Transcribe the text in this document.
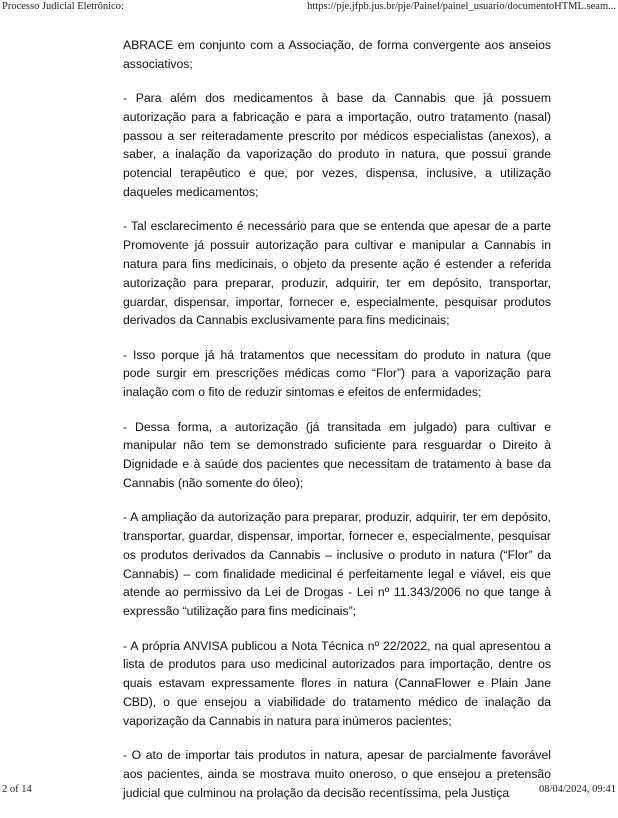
Processo Judicial Eletrônico:	https://pje.jfpb.jus.br/pje/Painel/painel_usuario/documentoHTML.seam...

ABRACE em conjunto com a Associação, de forma convergente aos anseios associativos;

- Para além dos medicamentos à base da Cannabis que já possuem autorização para a fabricação e para a importação, outro tratamento (nasal) passou a ser reiteradamente prescrito por médicos especialistas (anexos), a saber, a inalação da vaporização do produto in natura, que possui grande potencial terapêutico e que, por vezes, dispensa, inclusive, a utilização daqueles medicamentos;

- Tal esclarecimento é necessário para que se entenda que apesar de a parte Promovente já possuir autorização para cultivar e manipular a Cannabis in natura para fins medicinais, o objeto da presente ação é estender a referida autorização para preparar, produzir, adquirir, ter em depósito, transportar, guardar, dispensar, importar, fornecer e, especialmente, pesquisar produtos derivados da Cannabis exclusivamente para fins medicinais;

- Isso porque já há tratamentos que necessitam do produto in natura (que pode surgir em prescrições médicas como “Flor”) para a vaporização para inalação com o fito de reduzir sintomas e efeitos de enfermidades;

- Dessa forma, a autorização (já transitada em julgado) para cultivar e manipular não tem se demonstrado suficiente para resguardar o Direito à Dignidade e à saúde dos pacientes que necessitam de tratamento à base da Cannabis (não somente do óleo);

- A ampliação da autorização para preparar, produzir, adquirir, ter em depósito, transportar, guardar, dispensar, importar, fornecer e, especialmente, pesquisar os produtos derivados da Cannabis – inclusive o produto in natura (“Flor” da Cannabis) – com finalidade medicinal é perfeitamente legal e viável, eis que atende ao permissivo da Lei de Drogas - Lei nº 11.343/2006 no que tange à expressão “utilização para fins medicinais”;

- A própria ANVISA publicou a Nota Técnica nº 22/2022, na qual apresentou a lista de produtos para uso medicinal autorizados para importação, dentre os quais estavam expressamente flores in natura (CannaFlower e Plain Jane CBD), o que ensejou a viabilidade do tratamento médico de inalação da vaporização da Cannabis in natura para inúmeros pacientes;

- O ato de importar tais produtos in natura, apesar de parcialmente favorável aos pacientes, ainda se mostrava muito oneroso, o que ensejou a pretensão judicial que culminou na prolação da decisão recentíssima, pela Justiça

2 of 14	08/04/2024, 09:41
